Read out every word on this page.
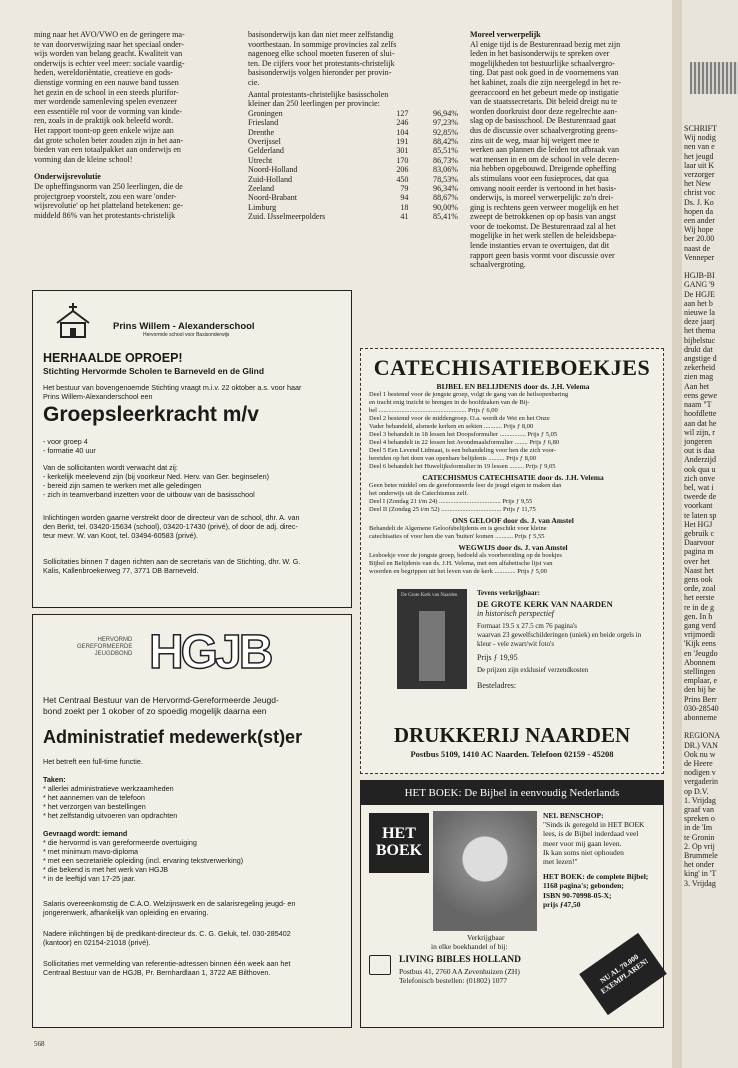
ming naar het AVO/VWO en de geringere ma-
te van doorverwijzing naar het speciaal onder-
wijs worden van belang geacht. Kwaliteit van
onderwijs is echter veel meer: sociale vaardig-
heden, wereldoriëntatie, creatieve en gods-
dienstige vorming en een nauwe band tussen
het gezin en de school in een steeds plurifor-
mer wordende samenleving spelen evenzeer
een essentiële rol voor de vorming van kinde-
ren, zoals in de praktijk ook beleefd wordt.
Het rapport toont-op geen enkele wijze aan
dat grote scholen beter zouden zijn in het aan-
bieden van een totaalpakket aan onderwijs en
vorming dan de kleine school!

Onderwijsrevolutie

De opheffingsnorm van 250 leerlingen, die de
projectgroep voorstelt, zou een ware 'onder-
wijsrevolutie' op het platteland betekenen: ge-
middeld 86% van het protestants-christelijk

basisonderwijs kan dan niet meer zelfstandig
voortbestaan. In sommige provincies zal zelfs
nagenoeg elke school moeten fuseren of slui-
ten. De cijfers voor het protestants-christelijk
basisonderwijs volgen hieronder per provin-
cie.

Aantal protestants-christelijke basisscholen
kleiner dan 250 leerlingen per provincie:

Groningen	127	96,94%
Friesland	246	97,23%
Drenthe	104	92,85%
Overijssel	191	88,42%
Gelderland	301	85,51%
Utrecht	170	86,73%
Noord-Holland	206	83,06%
Zuid-Holland	450	78,53%
Zeeland	79	96,34%
Noord-Brabant	94	88,67%
Limburg	18	90,00%
Zuid. IJsselmeerpolders	41	85,41%

Moreel verwerpelijk

Al enige tijd is de Besturenraad bezig met zijn
leden in het basisonderwijs te spreken over
mogelijkheden tot bestuurlijke schaalvergro-
ting. Dat past ook goed in de voornemens van
het kabinet, zoals die zijn neergelegd in het re-
geeraccoord en het gebeurt mede op instigatie
van de staatssecretaris. Dit beleid dreigt nu te
worden doorkruist door deze regelrechte aan-
slag op de basisschool. De Besturenraad gaat
dus de discussie over schaalvergroting geens-
zins uit de weg, maar hij weigert mee te
werken aan plannen die leiden tot afbraak van
wat mensen in en om de school in vele decen-
nia hebben opgebouwd. Dreigende opheffing
als stimulans voor een fusieproces, dat qua
omvang nooit eerder is vertoond in het basis-
onderwijs, is moreel verwerpelijk: zo'n drei-
ging is rechtens geen verweer mogelijk en het
zweept de betrokkenen op op basis van angst
voor de toekomst. De Besturenraad zal al het
mogelijke in het werk stellen de beleidsbepa-
lende instanties ervan te overtuigen, dat dit
rapport geen basis vormt voor discussie over
schaalvergroting.

Prins Willem - Alexanderschool
Hervormde school voor Basisonderwijs
HERHAALDE OPROEP!
Stichting Hervormde Scholen te Barneveld en de Glind
Het bestuur van bovengenoemde Stichting vraagt m.i.v. 22 oktober a.s. voor haar
Prins Willem-Alexanderschool een
Groepsleerkracht m/v
- voor groep 4
- formatie 40 uur
Van de sollicitanten wordt verwacht dat zij:
- kerkelijk meelevend zijn (bij voorkeur Ned. Herv. van Ger. beginselen)
- bereid zijn samen te werken met alle geledingen
- zich in teamverband inzetten voor de uitbouw van de basisschool
Inlichtingen worden gaarne verstrekt door de directeur van de school, dhr. A. van
den Berkt, tel. 03420-15634 (school), 03420-17430 (privé), of door de adj. direc-
teur mevr. W. van Koot, tel. 03494-60583 (privé).
Sollicitaties binnen 7 dagen richten aan de secretaris van de Stichting, dhr. W. G.
Kalis, Kallenbroekerweg 77, 3771 DB Barneveld.
HERVORMD
GEREFORMEERDE
JEUGDBOND HGJB
Het Centraal Bestuur van de Hervormd-Gereformeerde Jeugd-
bond zoekt per 1 okober of zo spoedig mogelijk daarna een
Administratief medewerk(st)er
Het betreft een full-time functie.
Taken:
* allerlei administratieve werkzaamheden
* het aannemen van de telefoon
* het verzorgen van bestellingen
* het zelfstandig uitvoeren van opdrachten
Gevraagd wordt: iemand
* die hervormd is van gereformeerde overtuiging
* met minimum mavo-diploma
* met een secretariële opleiding (incl. ervaring tekstverwerking)
* die bekend is met het werk van HGJB
* in de leeftijd van 17-25 jaar.
Salaris overeenkomstig de C.A.O. Welzijnswerk en de salarisregeling jeugd- en
jongerenwerk, afhankelijk van opleiding en ervaring.
Nadere inlichtingen bij de predikant-directeur ds. C. G. Geluk, tel. 030-285402
(kantoor) en 02154-21018 (privé).
Sollicitaties met vermelding van referentie-adressen binnen één week aan het
Centraal Bestuur van de HGJB, Pr. Bernhardlaan 1, 3722 AE Bilthoven.
CATECHISATIEBOEKJES
BIJBEL EN BELIJDENIS door ds. J.H. Velema
Deel 1 bestemd voor de jongste groep, volgt de gang van de heilsopenbaring
en tracht enig inzicht te brengen in de hoofdzaken van de Bij-
bel ...................................................... Prijs ƒ 6,00
Deel 2 bestemd voor de middengroep. O.a. wordt de Wet en het Onze
Vader behandeld, alsmede kerken en sekten ........... Prijs ƒ 8,00
Deel 3 behandelt in 18 lessen het Doopsformulier ................ Prijs ƒ 5,05
Deel 4 behandelt in 22 lessen het Avondmaalsformulier ........ Prijs ƒ 6,80
Deel 5 Een Levend Lidmaat, is een behandeling voor hen die zich voor-
bereiden op het doen van openbare belijdenis .......... Prijs ƒ 8,00
Deel 6 behandelt het Huwelijksformulier in 19 lessen ......... Prijs ƒ 9,05
CATECHISMUS CATECHISATIE door ds. J.H. Velema
Geen beter middel om de gereformeerde leer de jeugd eigen te maken dan
het onderwijs uit de Catechismus zelf.
Deel I (Zondag 21 t/m 24) ...................................... Prijs ƒ 9,55
Deel II (Zondag 25 t/m 52) ..................................... Prijs ƒ 11,75
ONS GELOOF door ds. J. van Amstel
Behandelt de Algemene Geloofsbelijdenis en is geschikt voor kleine
catechisaties of voor hen die van 'buiten' komen ........... Prijs ƒ 5,55
WEGWIJS door ds. J. van Amstel
Lesboekje voor de jongste groep, bedoeld als voorbereiding op de boekjes
Bijbel en Belijdenis van ds. J.H. Velema, met een alfabetische lijst van
woorden en begrippen uit het leven van de kerk ............. Prijs ƒ 5,00
De Grote Kerk van Naarden	Tevens verkrijgbaar:
DE GROTE KERK VAN NAARDEN
in historisch perspectief
Formaat 19.5 x 27.5 cm 76 pagina's
waarvan 23 gewelfschilderingen (uniek) en beide orgels in kleur - vele zwart/wit foto's
Prijs ƒ 19,95
De prijzen zijn exklusief verzendkosten
Besteladres:
DRUKKERIJ NAARDEN
Postbus 5109, 1410 AC Naarden. Telefoon 02159 - 45208
HET BOEK: De Bijbel in eenvoudig Nederlands
HET
BOEK
NEL BENSCHOP:
"Sinds ik geregeld in HET BOEK
lees, is de Bijbel inderdaad veel
meer voor mij gaan leven.
Ik kan soms niet ophouden
met lezen!"
HET BOEK: de complete Bijbel;
1168 pagina's; gebonden;
ISBN 90-70998-05-X;
prijs ƒ47,50
Verkrijgbaar
in elke boekhandel of bij:
LIVING BIBLES HOLLAND
Postbus 41, 2760 AA Zevenhuizen (ZH)
Telefonisch bestellen: (01802) 1077	NU AL 70.000
EXEMPLAREN!
568
SCHRIFT
Wij nodig
nen van e
het jeugd
laar uit K
verzorger
het New
christ voc
Ds. J. Ko
hopen da
een ander
Wij hope
ber 20.00
naast de
Venneper

HGJB-BI
GANG '9
De HGJE
aan het b
nieuwe la
deze jaarj
het thema
bijbelstuc
drukt dat
angstige d
zekerheid
zien mag
Aan het
eens gewe
naam "T
hoofdlette
aan dat he
wil zijn, r
jongeren
out is daa
Anderzijd
ook qua u
zich onve
bel, wat i
tweede de
voorkant
te laten sp
Het HGJ
gebruik c
Daarvoor
pagina m
over het
Naast het
gens ook
orde, zoal
het eerste
re in de g
gen. In h
gang verd
vrijmoedi
'Kijk eens
en 'Jeugdo
Abonnem
stellingen
emplaar, e
den bij he
Prins Berr
030-28540
abonneme

REGIONA
DR.) VAN
Ook nu w
de Heere
nodigen v
vergaderin
op D.V.
1. Vrijdag
graaf van
spreken o
in de 'Im
te Gronin
2. Op vrij
Brummele
het onder
king' in 'T
3. Vrijdag
